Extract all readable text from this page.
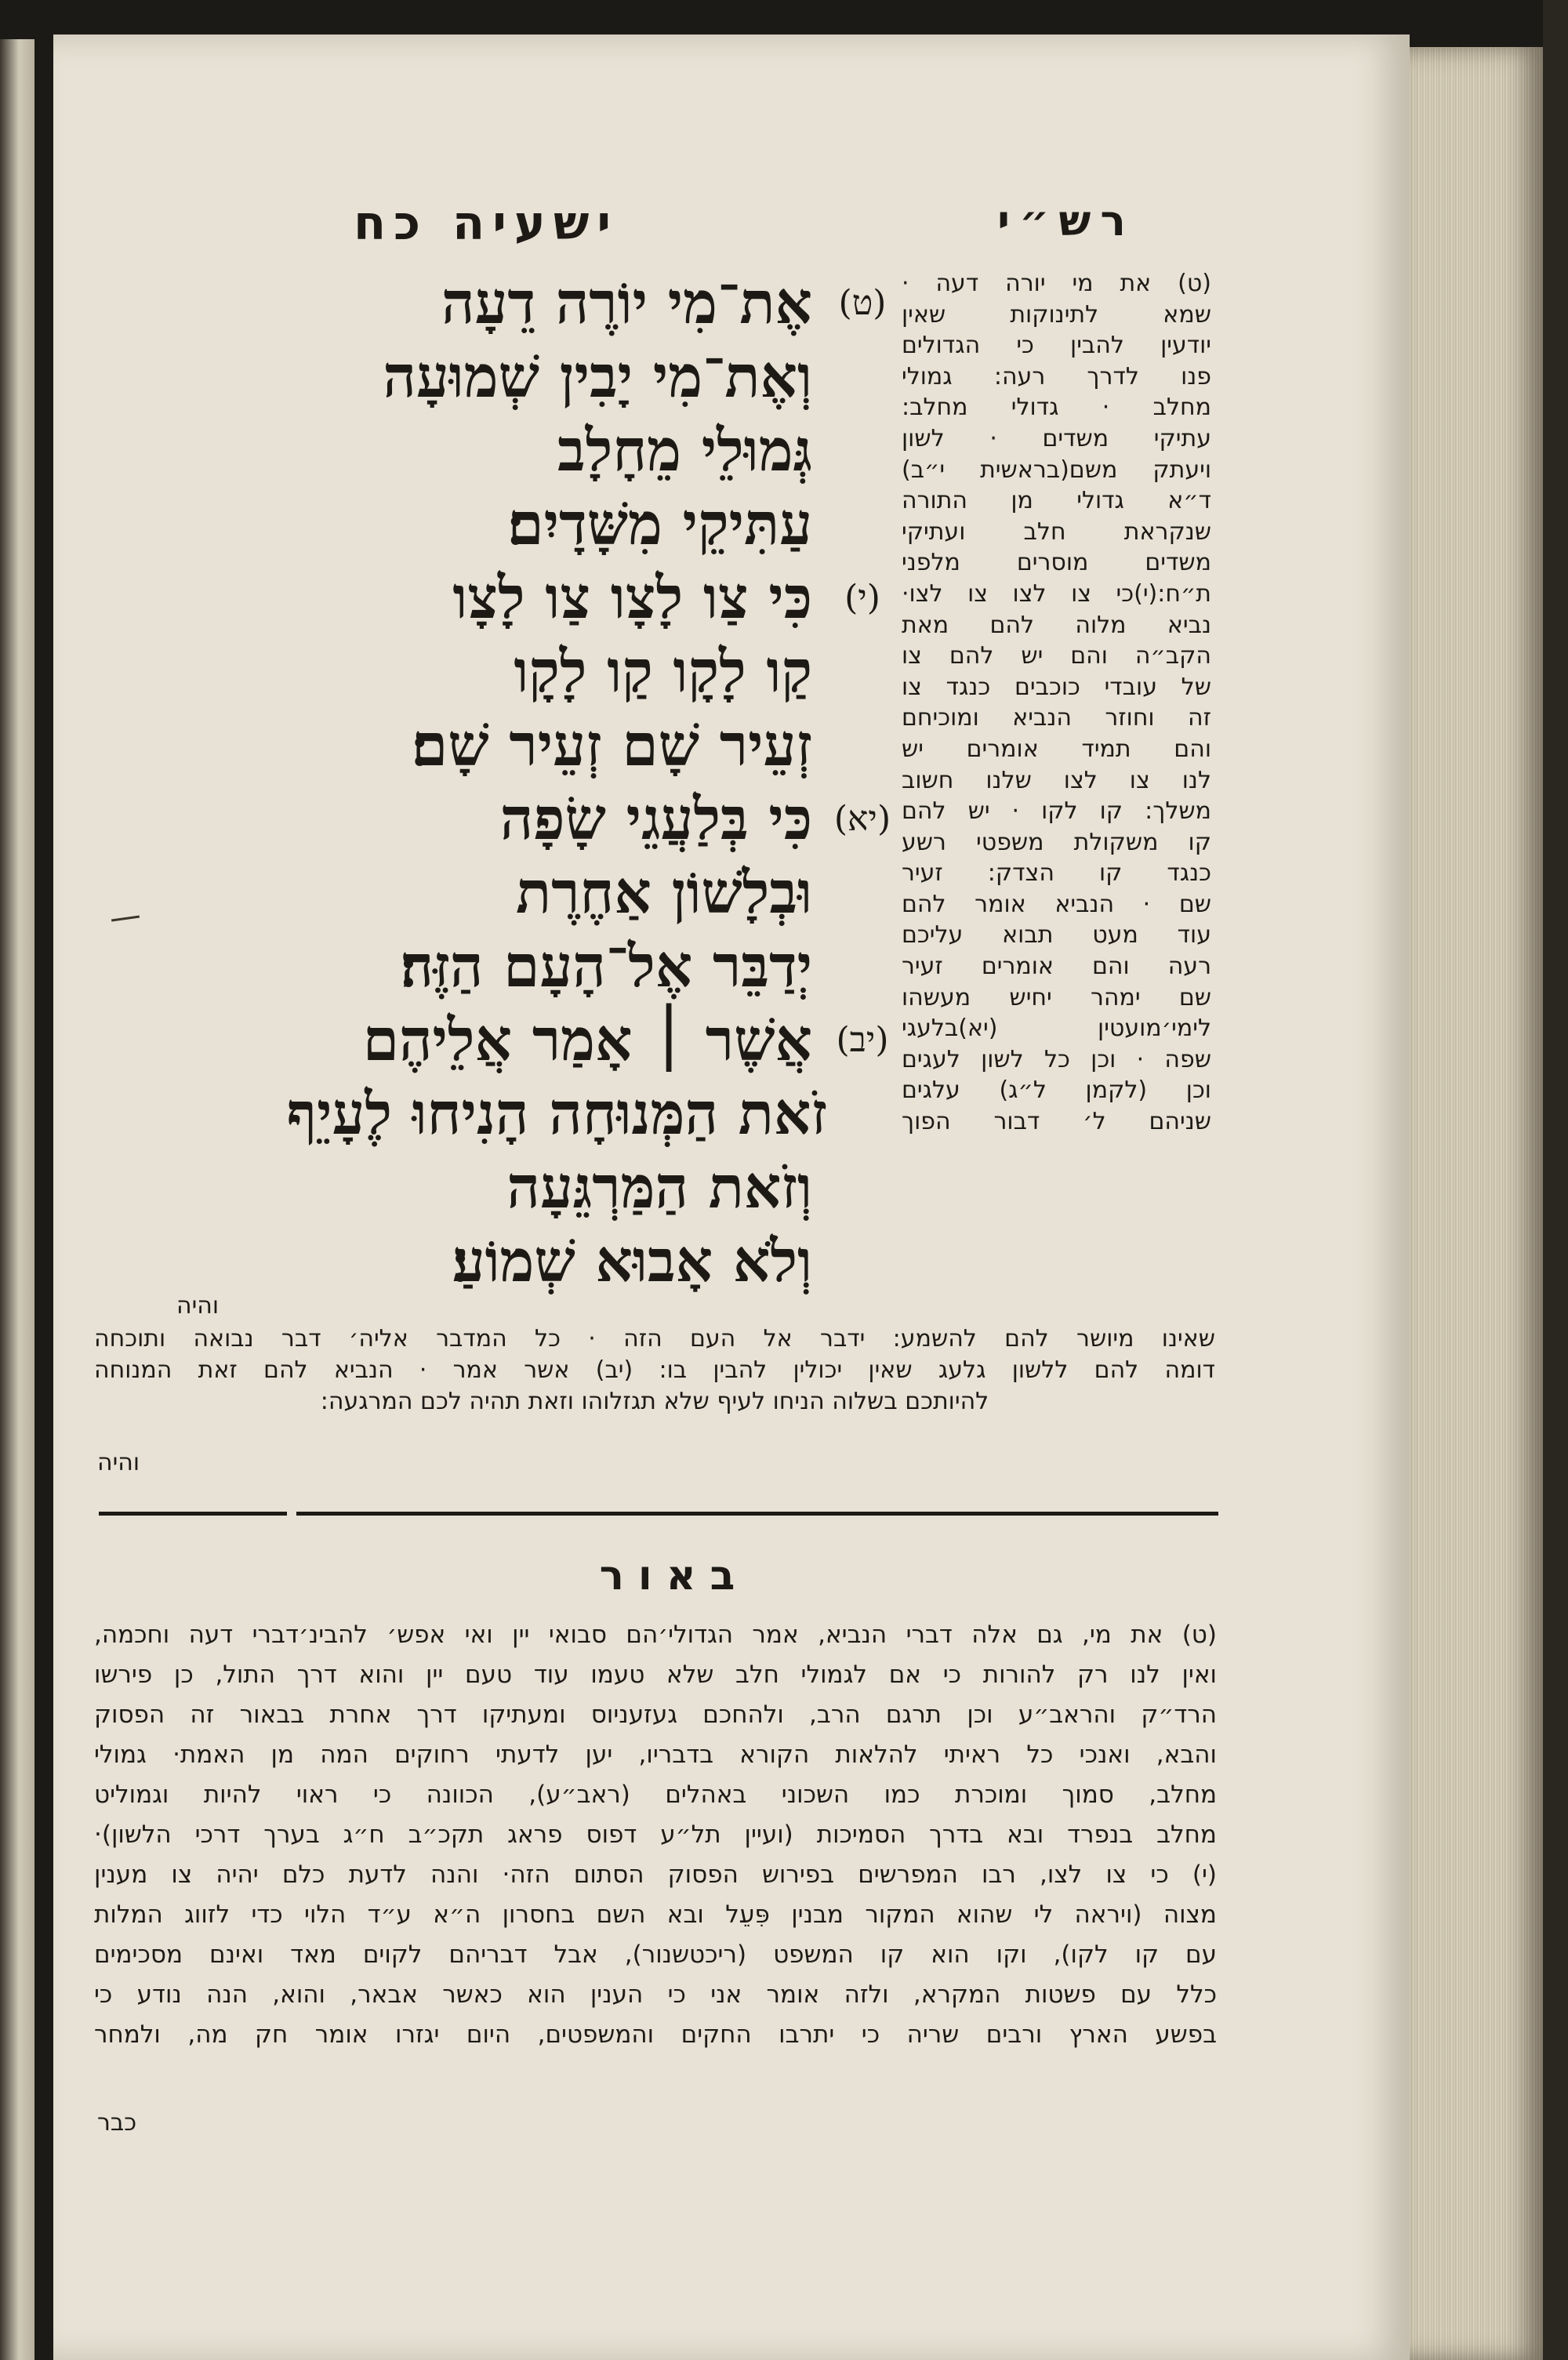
רש״י
ישעיה כח
(ט)
אֶת־מִי יוֹרֶה דֵעָה
וְאֶת־מִי יָבִין שְׁמוּעָה
גְּמוּלֵי מֵחָלָב
עַתִּיקֵי מִשָּׁדָיִם׃
(י)
כִּי צַו לָצָו צַו לָצָו
קַו לָקָו קַו לָקָו
זְעֵיר שָׁם זְעֵיר שָׁם׃
(יא)
כִּי בְּלַעֲגֵי שָׂפָה
וּבְלָשׁוֹן אַחֶרֶת
יְדַבֵּר אֶל־הָעָם הַזֶּה׃
(יב)
אֲשֶׁר ׀ אָמַר אֲלֵיהֶם
זֹאת הַמְּנוּחָה הָנִיחוּ לֶעָיֵף
וְזֹאת הַמַּרְגֵּעָה
וְלֹא אָבוּא שְׁמוֹעַ׃
(ט) את מי יורה דעה ·
שמא לתינוקות שאין
יודעין להבין כי הגדולים
פנו לדרך רעה: גמולי
מחלב · גדולי מחלב:
עתיקי משדים · לשון
ויעתק משם(בראשית י״ב)
ד״א גדולי מן התורה
שנקראת חלב ועתיקי
משדים מוסרים מלפני
ת״ח:(י)כי צו לצו צו לצו·
נביא מלוה להם מאת
הקב״ה והם יש להם צו
של עובדי כוכבים כנגד צו
זה וחוזר הנביא ומוכיחם
והם תמיד אומרים יש
לנו צו לצו שלנו חשוב
משלך: קו לקו · יש להם
קו משקולת משפטי רשע
כנגד קו הצדק: זעיר
שם · הנביא אומר להם
עוד מעט תבוא עליכם
רעה והם אומרים זעיר
שם ימהר יחיש מעשהו
לימי׳מועטין (יא)בלעגי
שפה · וכן כל לשון לעגים
וכן (לקמן ל״ג) עלגים
שניהם ל׳ דבור הפוך
שאינו מיושר להם להשמע: ידבר אל העם הזה · כל המדבר אליה׳ דבר נבואה ותוכחה
דומה להם ללשון גלעג שאין יכולין להבין בו: (יב) אשר אמר · הנביא להם זאת המנוחה
להיותכם בשלוה הניחו לעיף שלא תגזלוהו וזאת תהיה לכם המרגעה:
והיה
והיה
באור
(ט) את מי, גם אלה דברי הנביא, אמר הגדולי׳הם סבואי יין ואי אפש׳ להבינ׳דברי דעה וחכמה,
ואין לנו רק להורות כי אם לגמולי חלב שלא טעמו עוד טעם יין והוא דרך התול, כן פירשו
הרד״ק והראב״ע וכן תרגם הרב, ולהחכם געזעניוס ומעתיקו דרך אחרת בבאור זה הפסוק
והבא, ואנכי כל ראיתי להלאות הקורא בדבריו, יען לדעתי רחוקים המה מן האמת· גמולי
מחלב, סמוך ומוכרת כמו השכוני באהלים (ראב״ע), הכוונה כי ראוי להיות וגמוליט
מחלב בנפרד ובא בדרך הסמיכות (ועיין תל״ע דפוס פראג תקכ״ב ח״ג בערך דרכי הלשון)·
(י) כי צו לצו, רבו המפרשים בפירוש הפסוק הסתום הזה· והנה לדעת כלם יהיה צו מענין
מצוה (ויראה לי שהוא המקור מבנין פִּעֵל ובא השם בחסרון ה״א ע״ד הלוי כדי לזווג המלות
עם קו לקו), וקו הוא קו המשפט (ריכטשנור), אבל דבריהם לקוים מאד ואינם מסכימים
כלל עם פשטות המקרא, ולזה אומר אני כי הענין הוא כאשר אבאר, והוא, הנה נודע כי
בפשע הארץ ורבים שריה כי יתרבו החקים והמשפטים, היום יגזרו אומר חק מה, ולמחר
כבר
